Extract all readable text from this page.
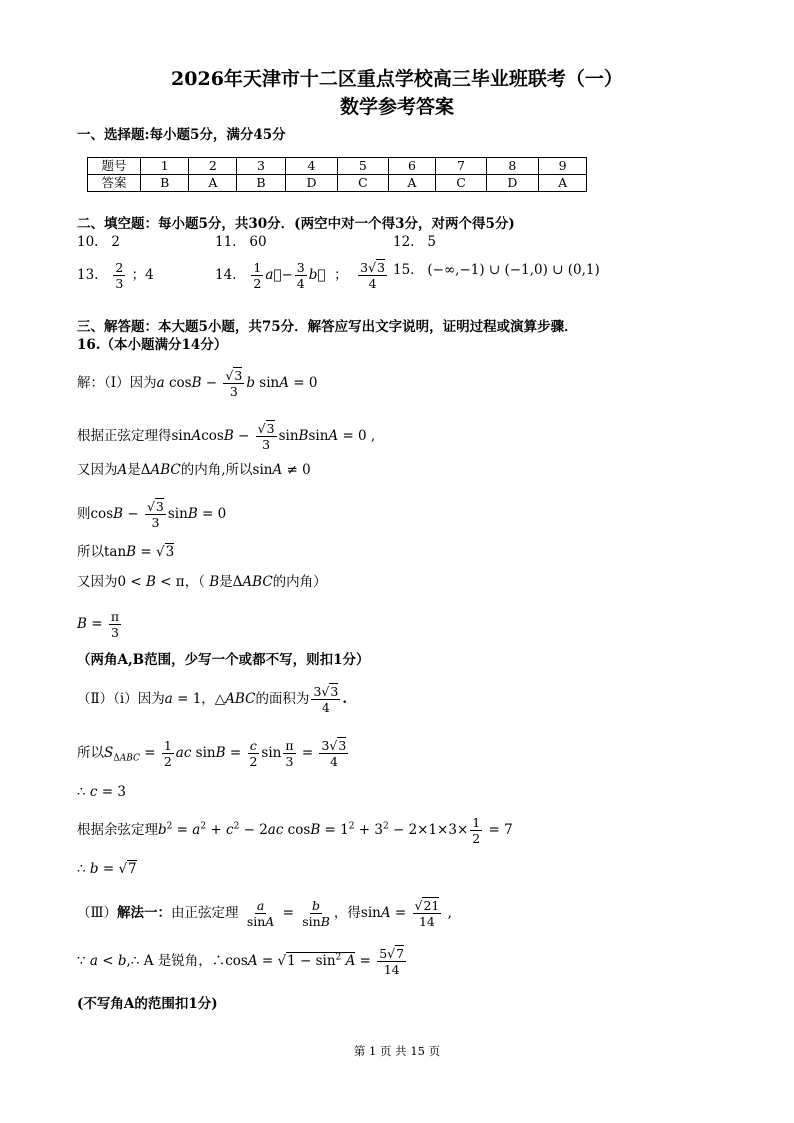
2026年天津市十二区重点学校高三毕业班联考（一）
数学参考答案
一、选择题:每小题5分，满分45分
题号	1	2	3	4	5	6	7	8	9
答案	B	A	B	D	C	A	C	D	A
二、填空题：每小题5分，共30分．(两空中对一个得3分，对两个得5分)
10. 2	11. 60	12. 5
13. $\frac{2}{3}$ ；4	14. $\frac{1}{2}$ a⃗− $\frac{3}{4}$ b⃗ ； $\frac{3√3}{4} 15$. (−∞,−1) ∪ (−1,0) ∪ (0,1)
三、解答题：本大题5小题，共75分．解答应写出文字说明，证明过程或演算步骤．
16.（本小题满分14分）
解：（Ⅰ）因为a $\cos B - \frac{√3}{3}$ b sinA = 0
根据正弦定理得sinAcosB − $\frac{√3}{3}$ sinBsinA = 0 ,
又因为A是ΔABC的内角,所以sinA ≠ 0
则$\cos B - \frac{√3}{3}$ sinB = 0
所以tanB = √3
又因为0 < B < π，（ B是ΔABC的内角）
$B = \frac{\pi}{3}$
（两角A,B范围，少写一个或都不写，则扣1分）
（Ⅱ）（ⅰ）因为a = 1，△ABC的面积为 $\frac{3√3}{4}$ .
所以$S_{\Delta ABC} = \frac{1}{2}$ ac $\sin B = \frac{c}{2}$ $\sin \frac{\pi}{3} = \frac{3√3}{4}$
∴ c = 3
根据余弦定理$b^2 = a^2 + c^2 - 2ac$ $\cos B = 1^2 + 3^2 - 2\times 1\times 3\times \frac{1}{2} = 7$
∴ b = √7
（Ⅲ）解法一：由正弦定理 $\frac{a}{\sin A} = \frac{b}{\sin B}$ ，得$\sin A = \frac{√21}{14}$ ,
∵ a < b,∴ A 是锐角，∴cosA = $√1 - \sin^2 A = \frac{5√7}{14}$
(不写角A的范围扣1分)
第 1 页 共 15 页
